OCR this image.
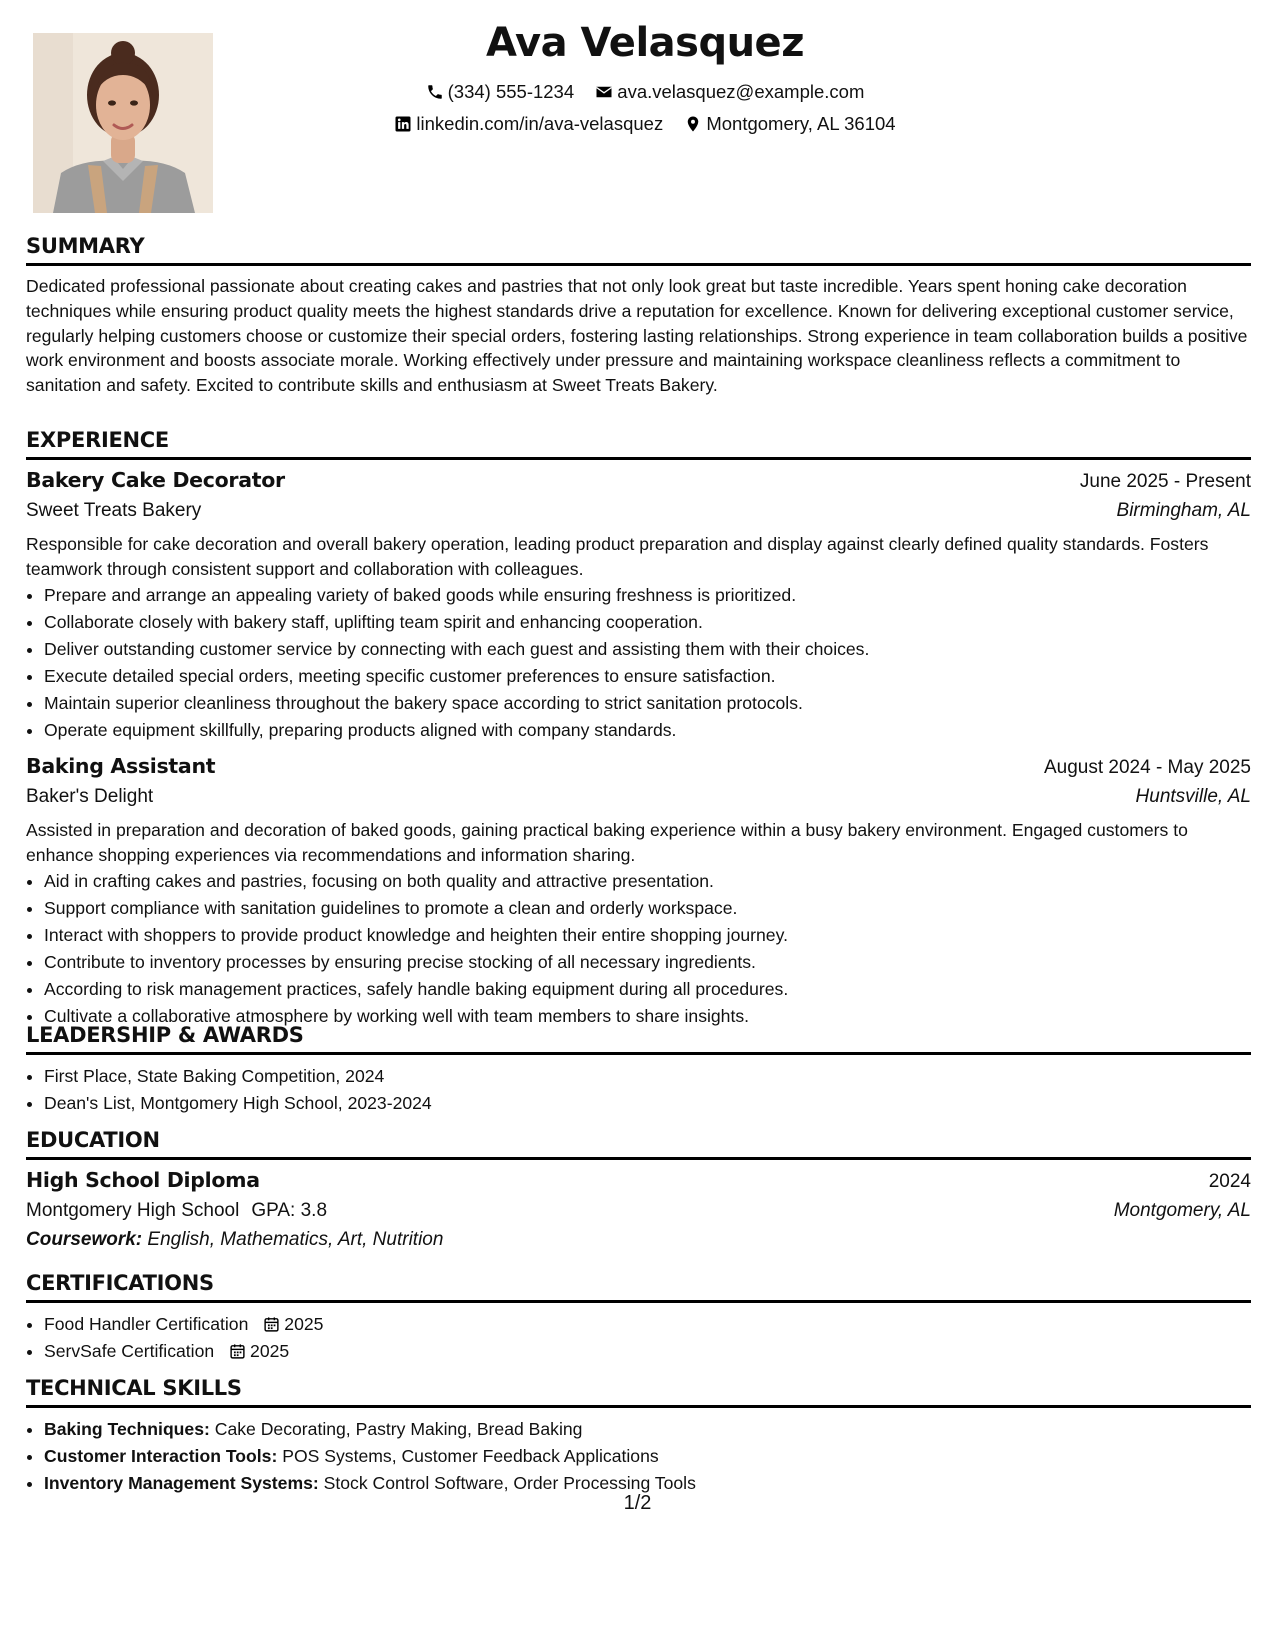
Ava Velasquez
(334) 555-1234
ava.velasquez@example.com
linkedin.com/in/ava-velasquez
Montgomery, AL 36104
SUMMARY

Dedicated professional passionate about creating cakes and pastries that not only look great but taste incredible. Years spent honing cake decoration techniques while ensuring product quality meets the highest standards drive a reputation for excellence. Known for delivering exceptional customer service, regularly helping customers choose or customize their special orders, fostering lasting relationships. Strong experience in team collaboration builds a positive work environment and boosts associate morale. Working effectively under pressure and maintaining workspace cleanliness reflects a commitment to sanitation and safety. Excited to contribute skills and enthusiasm at Sweet Treats Bakery.

EXPERIENCE
Bakery Cake Decorator	June 2025 - Present
Sweet Treats Bakery	Birmingham, AL
Responsible for cake decoration and overall bakery operation, leading product preparation and display against clearly defined quality standards. Fosters teamwork through consistent support and collaboration with colleagues.
• Prepare and arrange an appealing variety of baked goods while ensuring freshness is prioritized.
• Collaborate closely with bakery staff, uplifting team spirit and enhancing cooperation.
• Deliver outstanding customer service by connecting with each guest and assisting them with their choices.
• Execute detailed special orders, meeting specific customer preferences to ensure satisfaction.
• Maintain superior cleanliness throughout the bakery space according to strict sanitation protocols.
• Operate equipment skillfully, preparing products aligned with company standards.
Baking Assistant	August 2024 - May 2025
Baker's Delight	Huntsville, AL
Assisted in preparation and decoration of baked goods, gaining practical baking experience within a busy bakery environment. Engaged customers to enhance shopping experiences via recommendations and information sharing.
• Aid in crafting cakes and pastries, focusing on both quality and attractive presentation.
• Support compliance with sanitation guidelines to promote a clean and orderly workspace.
• Interact with shoppers to provide product knowledge and heighten their entire shopping journey.
• Contribute to inventory processes by ensuring precise stocking of all necessary ingredients.
• According to risk management practices, safely handle baking equipment during all procedures.
• Cultivate a collaborative atmosphere by working well with team members to share insights.
LEADERSHIP & AWARDS
• First Place, State Baking Competition, 2024
• Dean's List, Montgomery High School, 2023-2024
EDUCATION
High School Diploma	2024
Montgomery High School GPA: 3.8	Montgomery, AL
Coursework: English, Mathematics, Art, Nutrition
CERTIFICATIONS
• Food Handler Certification 2025
• ServSafe Certification 2025
TECHNICAL SKILLS
• Baking Techniques: Cake Decorating, Pastry Making, Bread Baking
• Customer Interaction Tools: POS Systems, Customer Feedback Applications
• Inventory Management Systems: Stock Control Software, Order Processing Tools
1/2
